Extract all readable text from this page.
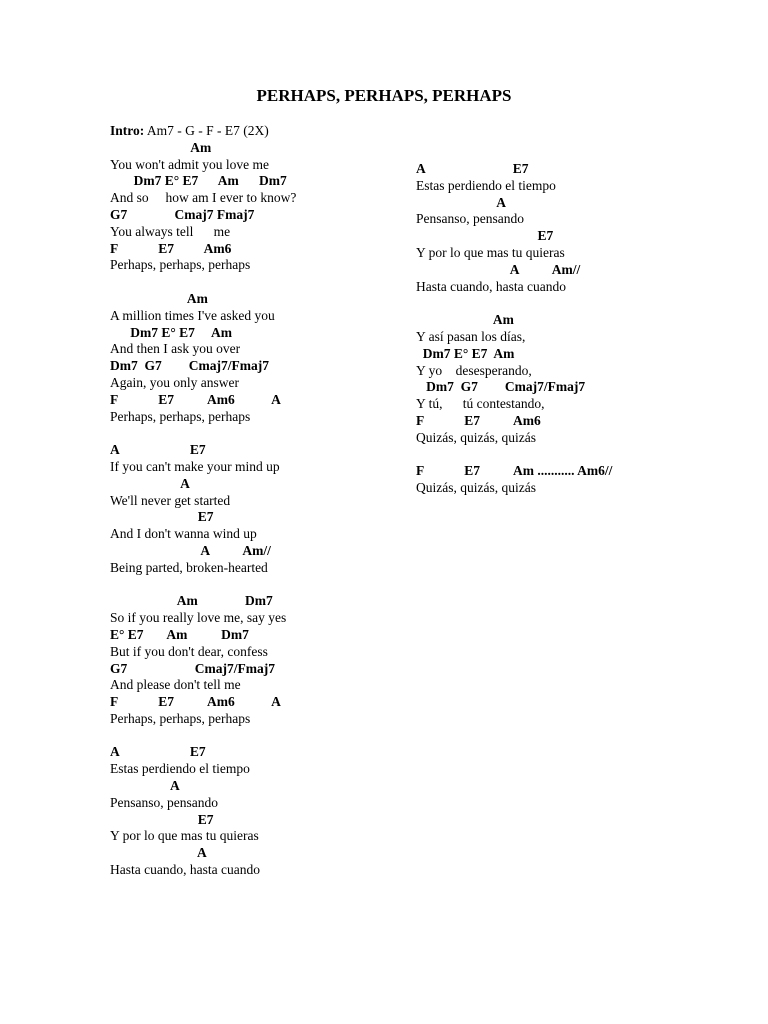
PERHAPS, PERHAPS, PERHAPS
Intro: Am7 - G - F - E7 (2X)
Am
You won't admit you love me
Dm7 E° E7      Am      Dm7
And so     how am I ever to know?
G7              Cmaj7 Fmaj7
You always tell      me
F            E7         Am6
Perhaps, perhaps, perhaps
Am
A million times I've asked you
Dm7 E° E7     Am
And then I ask you over
Dm7  G7        Cmaj7/Fmaj7
Again, you only answer
F            E7          Am6           A
Perhaps, perhaps, perhaps
A                     E7
If you can't make your mind up
A
We'll never get started
E7
And I don't wanna wind up
A          Am//
Being parted, broken-hearted
Am              Dm7
So if you really love me, say yes
E° E7       Am          Dm7
But if you don't dear, confess
G7                    Cmaj7/Fmaj7
And please don't tell me
F            E7          Am6           A
Perhaps, perhaps, perhaps
A                     E7
Estas perdiendo el tiempo
A
Pensanso, pensando
E7
Y por lo que mas tu quieras
A
Hasta cuando, hasta cuando
A                          E7
Estas perdiendo el tiempo
A
Pensanso, pensando
E7
Y por lo que mas tu quieras
A          Am//
Hasta cuando, hasta cuando
Am
Y así pasan los días,
Dm7 E° E7  Am
Y yo    desesperando,
Dm7  G7        Cmaj7/Fmaj7
Y tú,      tú contestando,
F            E7          Am6
Quizás, quizás, quizás
F            E7          Am ........... Am6//
Quizás, quizás, quizás
